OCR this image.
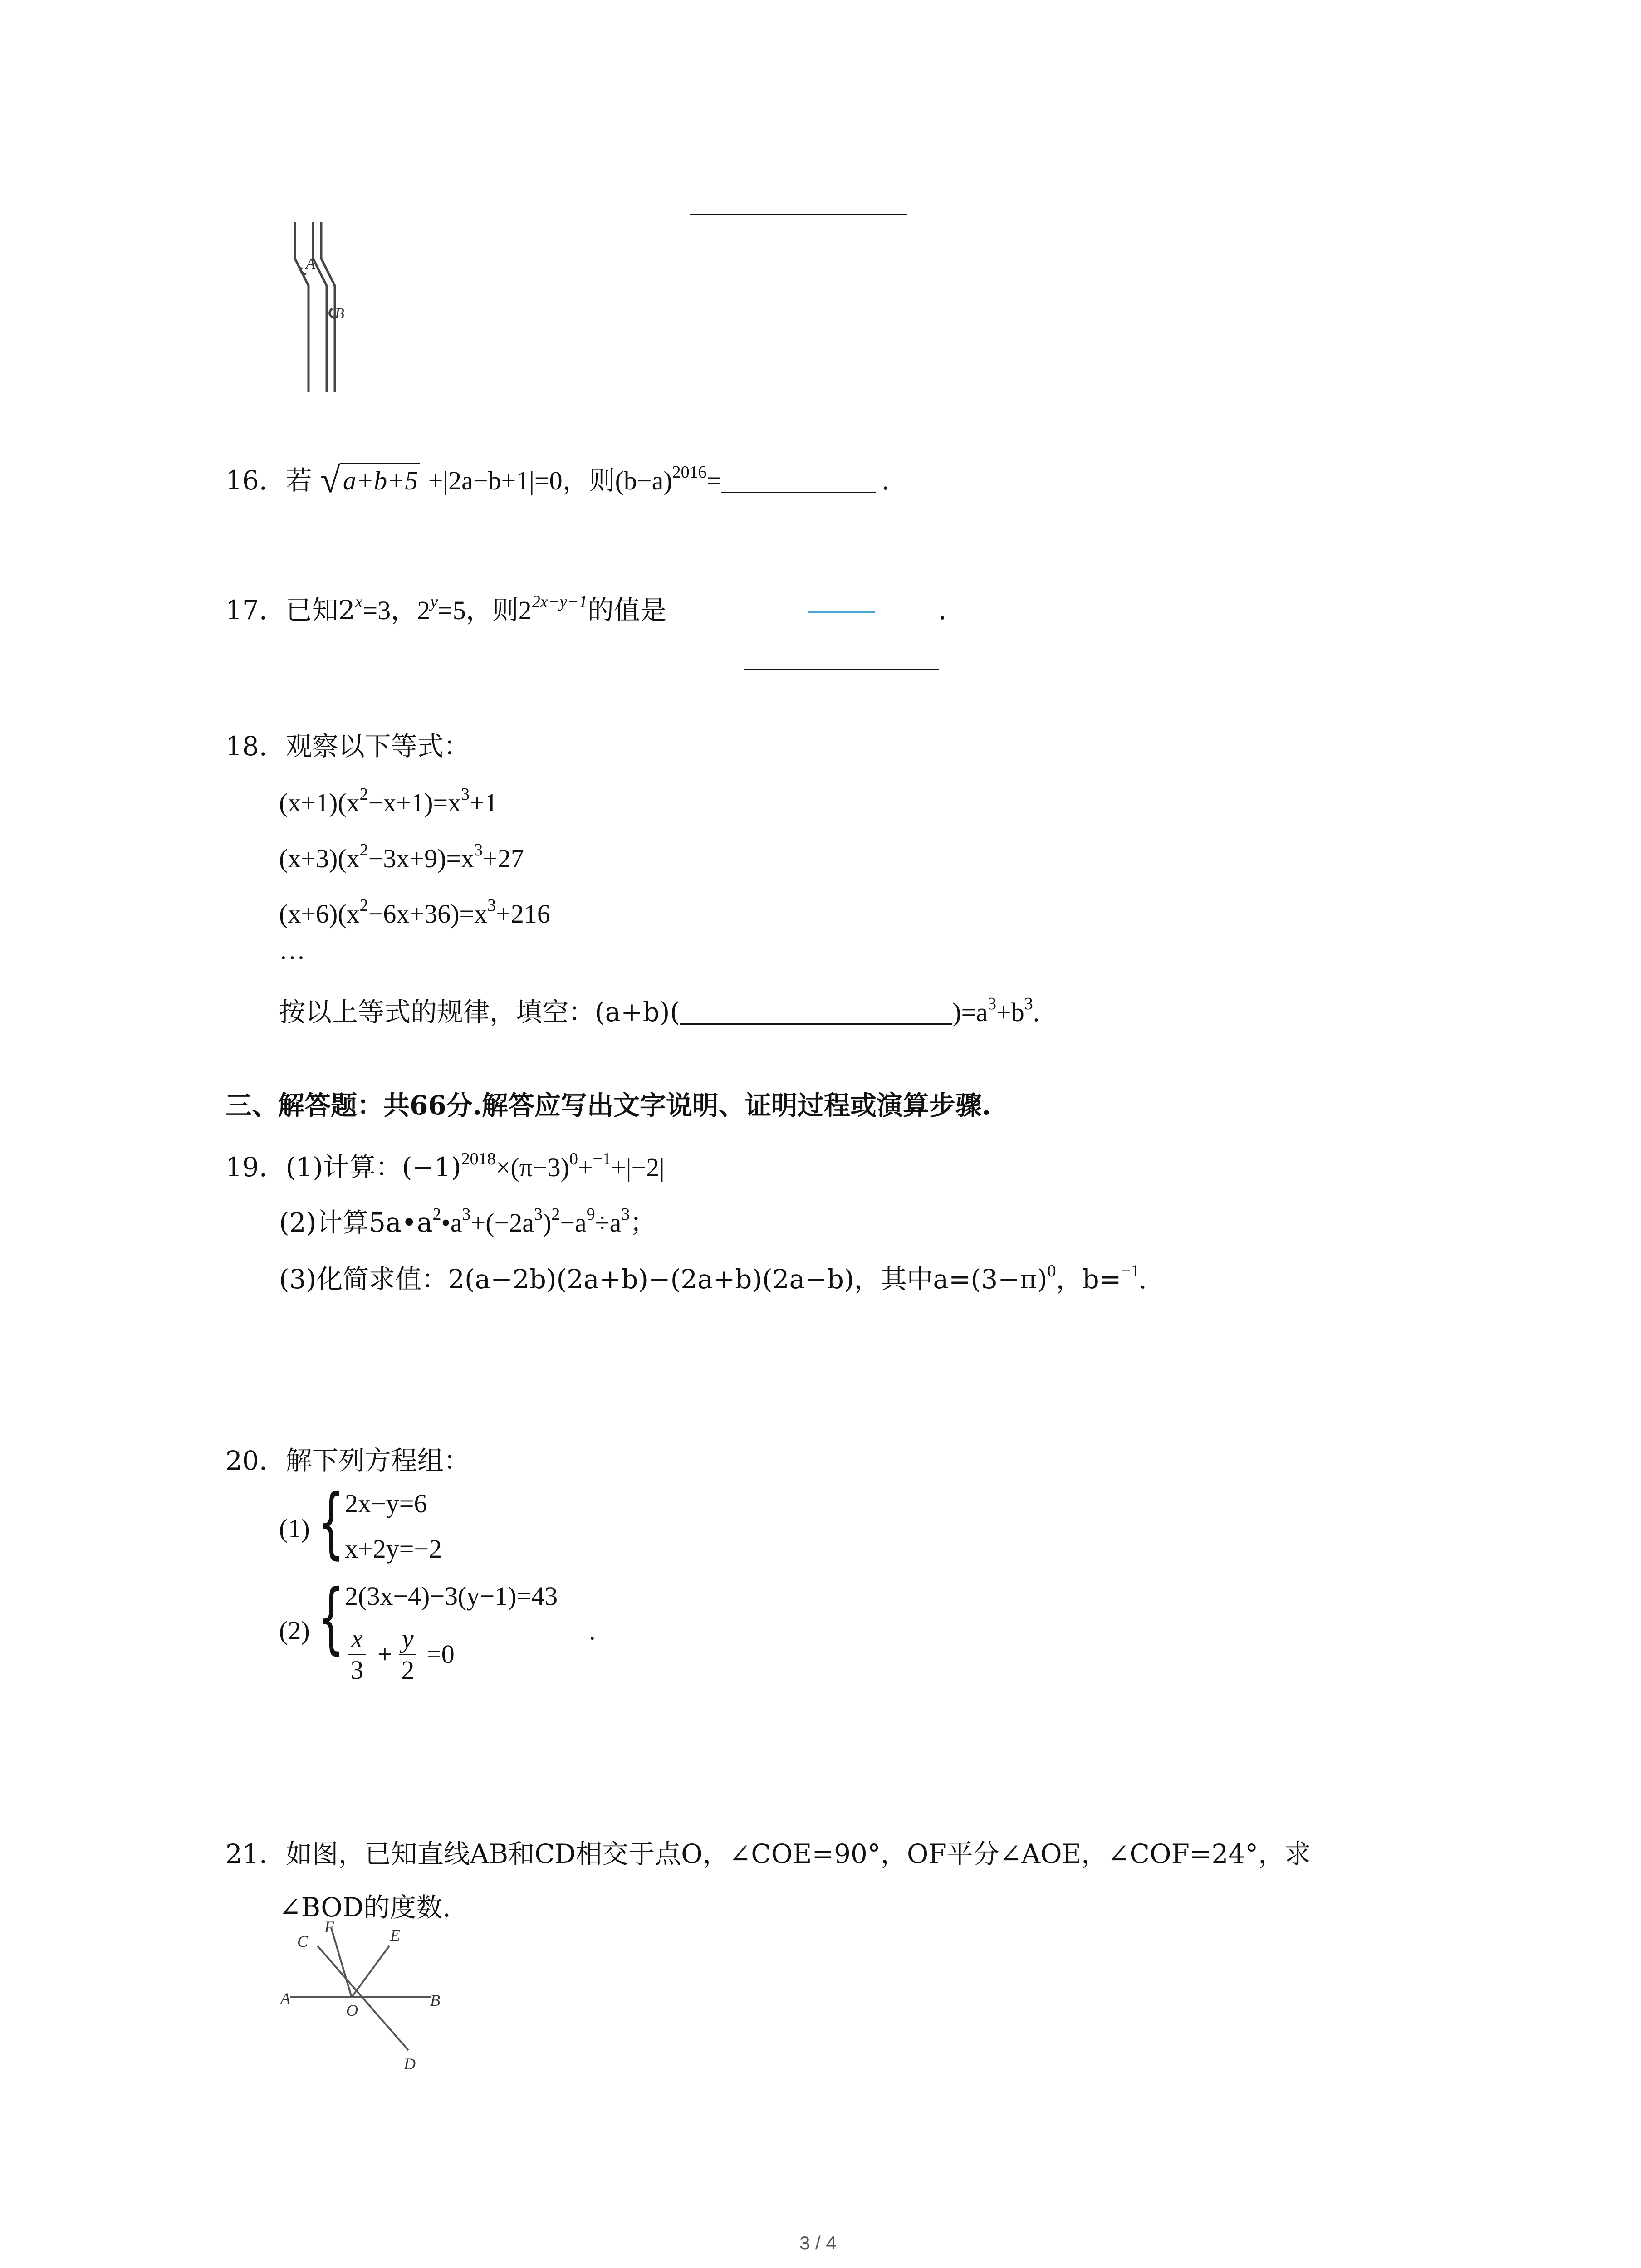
A
B
16. 若 √ a+b+5 +|2a−b+1|=0，则$(b-a)^{2016}=$	.
17. 已知$2^x=3$，$2^y=5$，则$2^{2x-y-1}$的值是	.
18. 观察以下等式：
$(x+1)(x^2-x+1)=x^3+1$
$(x+3)(x^2-3x+9)=x^3+27$
$(x+6)(x^2-6x+36)=x^3+216$
…
按以上等式的规律，填空：(a+b)(	)$=a^3+b^3$.
三、解答题：共66分.解答应写出文字说明、证明过程或演算步骤.
19. (1)计算：$(-1)^{2018}\times(\pi-3)^0+^{-1}+|-2|$
(2)计算$5a•a^2•a^3+(-2a^3)^2-a^9\div a^3$；
(3)化简求值：2(a−2b)(2a+b)−(2a+b)(2a−b)，其中$a=(3-\pi)^0$，b=$^{-1}$.
20. 解下列方程组：
(1) { 2x−y=6
x+2y=−2
(2) { 2(3x−4)−3(y−1)=43
$\frac{x}{3} + \frac{y}{2} =0$
.
21. 如图，已知直线AB和CD相交于点O，∠COE=90°，OF平分∠AOE，∠COF=24°，求
∠BOD的度数.
A	B
C
D
E
F
O
3 / 4
